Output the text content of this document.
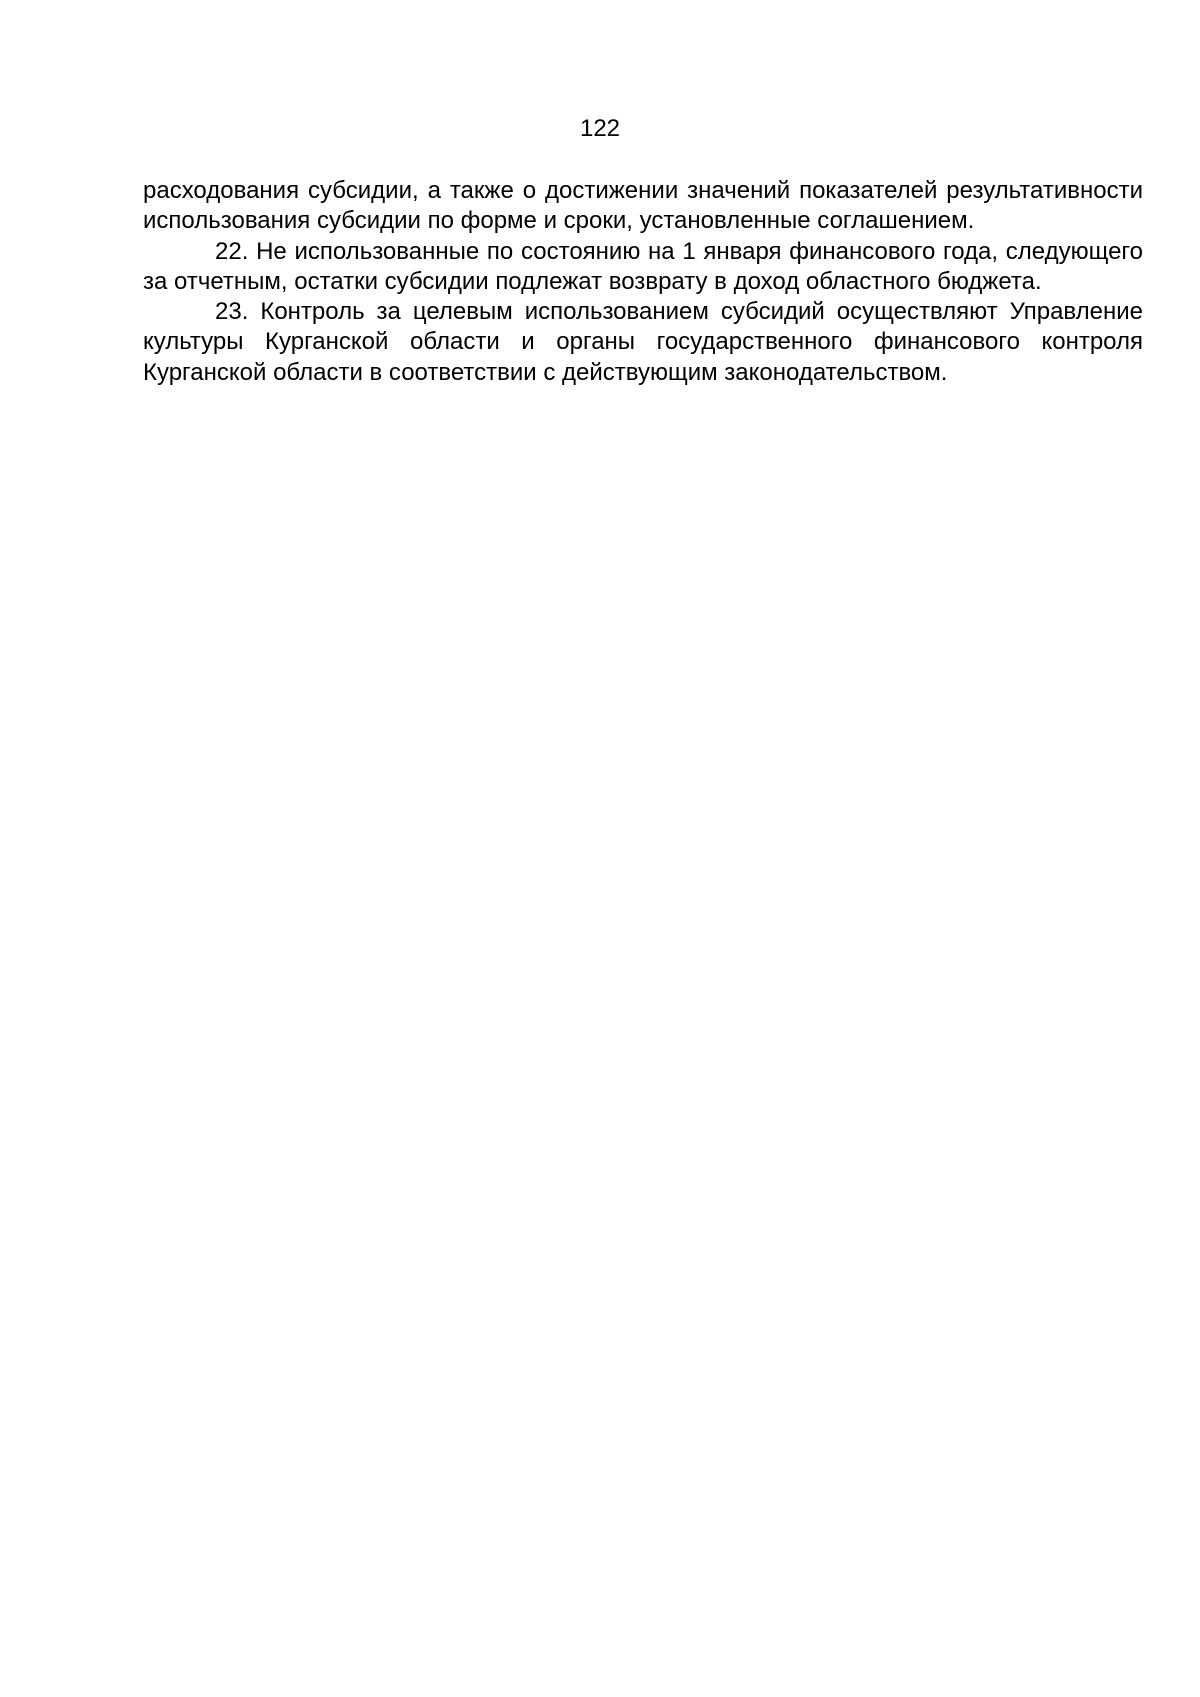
122

расходования субсидии, а также о достижении значений показателей результативности использования субсидии по форме и сроки, установленные соглашением.

22. Не использованные по состоянию на 1 января финансового года, следующего за отчетным, остатки субсидии подлежат возврату в доход областного бюджета.

23. Контроль за целевым использованием субсидий осуществляют Управление культуры Курганской области и органы государственного финансового контроля Курганской области в соответствии с действующим законодательством.
